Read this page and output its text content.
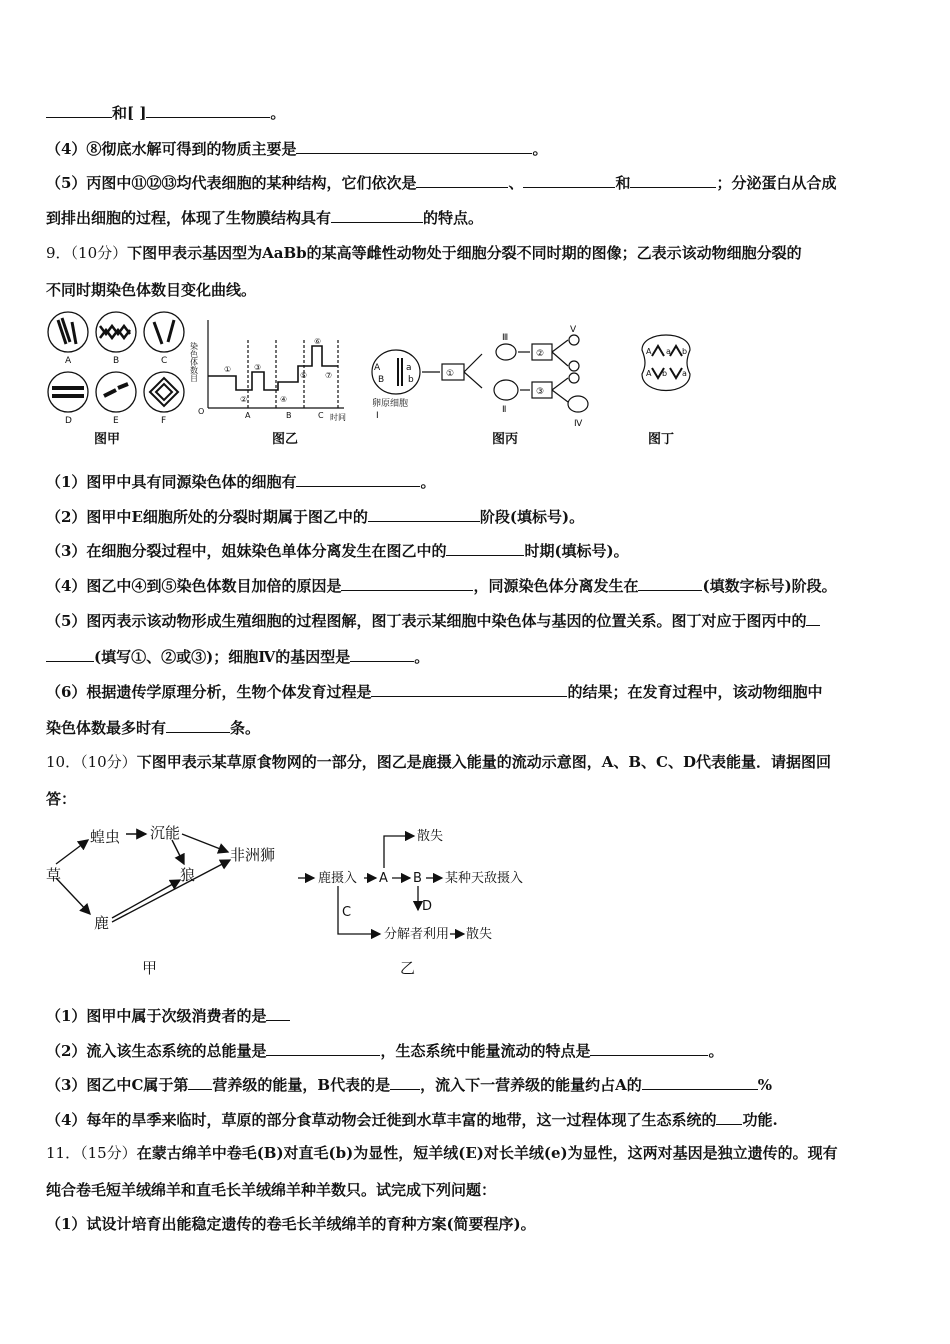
和[ ]	。
（4）⑧彻底水解可得到的物质主要是	。
（5）丙图中⑪⑫⑬均代表细胞的某种结构，它们依次是	、	和	；分泌蛋白从合成
到排出细胞的过程，体现了生物膜结构具有	的特点。
9．（10分）下图甲表示基因型为AaBb的某高等雌性动物处于细胞分裂不同时期的图像；乙表示该动物细胞分裂的
不同时期染色体数目变化曲线。
A	B	C
D	E	F
染色体数目
O
时间
①
②
③
④
⑤
⑥
⑦
A	B	C
A	a
B	b
①
②
③
卵原细胞
Ⅰ
Ⅲ
Ⅱ
Ⅴ
Ⅳ
A a b
A b a
图甲	图乙	图丙	图丁
（1）图甲中具有同源染色体的细胞有	。
（2）图甲中E细胞所处的分裂时期属于图乙中的	阶段(填标号)。
（3）在细胞分裂过程中，姐妹染色单体分离发生在图乙中的	时期(填标号)。
（4）图乙中④到⑤染色体数目加倍的原因是	，同源染色体分离发生在	(填数字标号)阶段。
（5）图丙表示该动物形成生殖细胞的过程图解，图丁表示某细胞中染色体与基因的位置关系。图丁对应于图丙中的
(填写①、②或③)；细胞Ⅳ的基因型是	。
（6）根据遗传学原理分析，生物个体发育过程是	的结果；在发育过程中，该动物细胞中
染色体数最多时有	条。
10．（10分）下图甲表示某草原食物网的一部分，图乙是鹿摄入能量的流动示意图，A、B、C、D代表能量．请据图回
答：
草
蝗虫 沉能
狼
非洲狮
鹿
鹿摄入 A B 某种天敌摄入
散失
C	D
分解者利用 散失
甲	乙
（1）图甲中属于次级消费者的是
（2）流入该生态系统的总能量是	，生态系统中能量流动的特点是	。
（3）图乙中C属于第 营养级的能量，B代表的是 ，流入下一营养级的能量约占A的	%
（4）每年的旱季来临时，草原的部分食草动物会迁徙到水草丰富的地带，这一过程体现了生态系统的 功能.
11．（15分）在蒙古绵羊中卷毛(B)对直毛(b)为显性，短羊绒(E)对长羊绒(e)为显性，这两对基因是独立遗传的。现有
纯合卷毛短羊绒绵羊和直毛长羊绒绵羊种羊数只。试完成下列问题：
（1）试设计培育出能稳定遗传的卷毛长羊绒绵羊的育种方案(简要程序)。
